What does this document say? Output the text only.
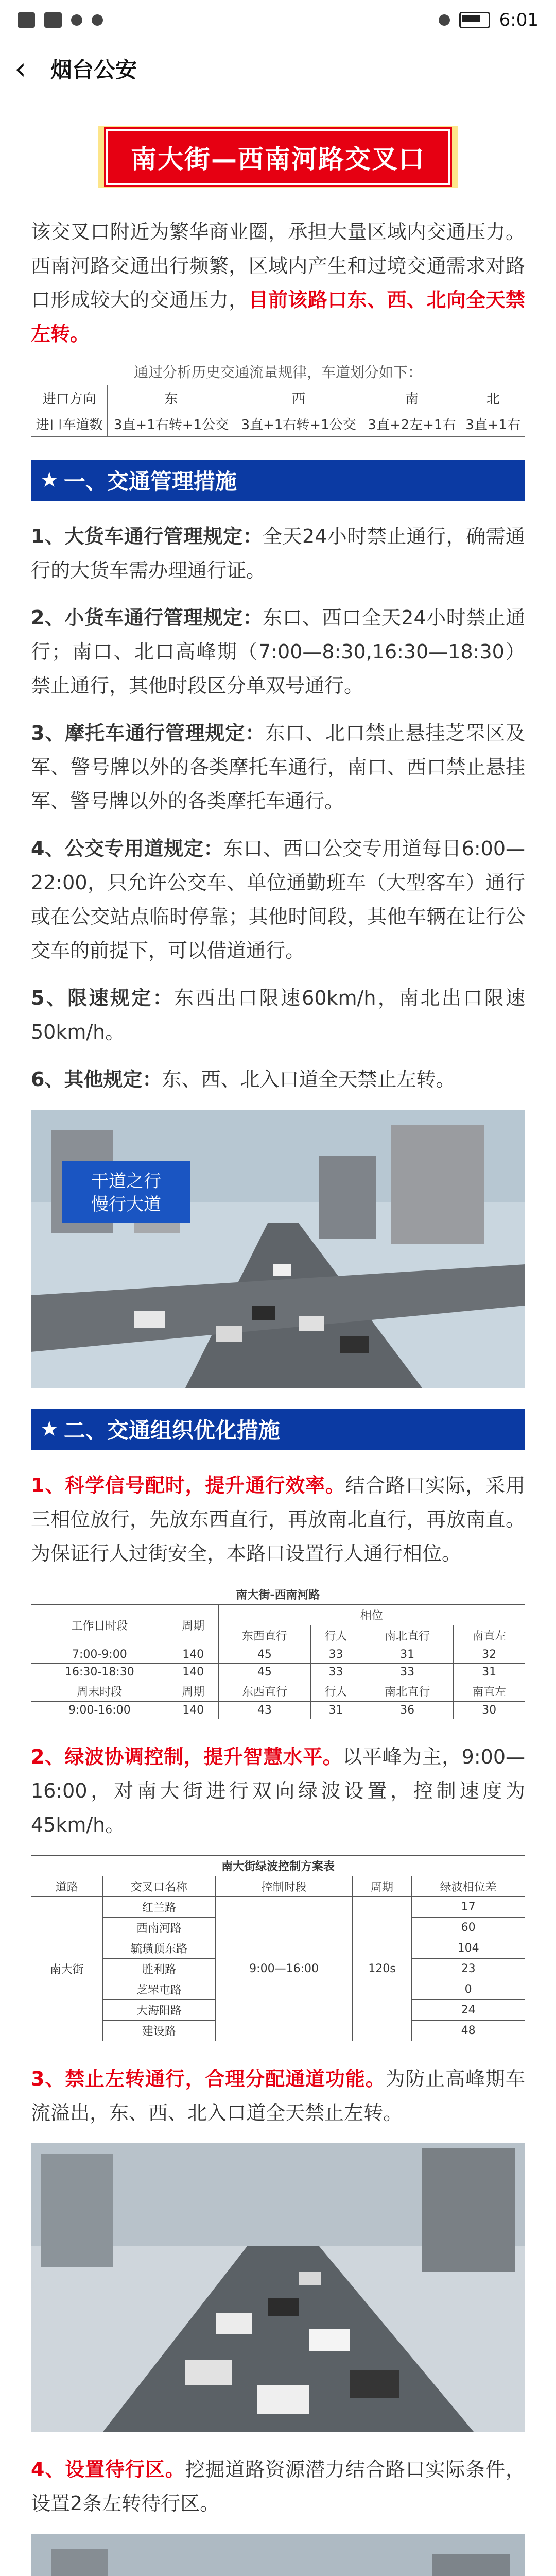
6:01
‹	烟台公安
南大街—西南河路交叉口

该交叉口附近为繁华商业圈，承担大量区域内交通压力。西南河路交通出行频繁，区域内产生和过境交通需求对路口形成较大的交通压力，目前该路口东、西、北向全天禁左转。

通过分析历史交通流量规律，车道划分如下：
进口方向	东	西	南	北
进口车道数	3直+1右转+1公交	3直+1右转+1公交	3直+2左+1右	3直+1右
★ 一、交通管理措施

1、大货车通行管理规定：全天24小时禁止通行，确需通行的大货车需办理通行证。

2、小货车通行管理规定：东口、西口全天24小时禁止通行；南口、北口高峰期（7:00—8:30,16:30—18:30）禁止通行，其他时段区分单双号通行。

3、摩托车通行管理规定：东口、北口禁止悬挂芝罘区及军、警号牌以外的各类摩托车通行，南口、西口禁止悬挂军、警号牌以外的各类摩托车通行。

4、公交专用道规定：东口、西口公交专用道每日6:00—22:00，只允许公交车、单位通勤班车（大型客车）通行或在公交站点临时停靠；其他时间段，其他车辆在让行公交车的前提下，可以借道通行。

5、限速规定：东西出口限速60km/h，南北出口限速50km/h。

6、其他规定：东、西、北入口道全天禁止左转。

干道之行
慢行大道
★ 二、交通组织优化措施

1、科学信号配时，提升通行效率。结合路口实际，采用三相位放行，先放东西直行，再放南北直行，再放南直。为保证行人过街安全，本路口设置行人通行相位。

南大街-西南河路					
工作日时段	周期	相位			
		东西直行	行人	南北直行	南直左
7:00-9:00	140	45	33	31	32
16:30-18:30	140	45	33	33	31
周末时段	周期	东西直行	行人	南北直行	南直左
9:00-16:00	140	43	31	36	30

2、绿波协调控制，提升智慧水平。以平峰为主，9:00—16:00，对南大街进行双向绿波设置，控制速度为45km/h。

南大街绿波控制方案表				
道路	交叉口名称	控制时段	周期	绿波相位差
南大街	红兰路	9:00—16:00	120s	17
	西南河路			60
	毓璜顶东路			104
	胜利路			23
	芝罘屯路			0
	大海阳路			24
	建设路			48

3、禁止左转通行，合理分配通道功能。为防止高峰期车流溢出，东、西、北入口道全天禁止左转。

4、设置待行区。挖掘道路资源潜力结合路口实际条件，设置2条左转待行区。
